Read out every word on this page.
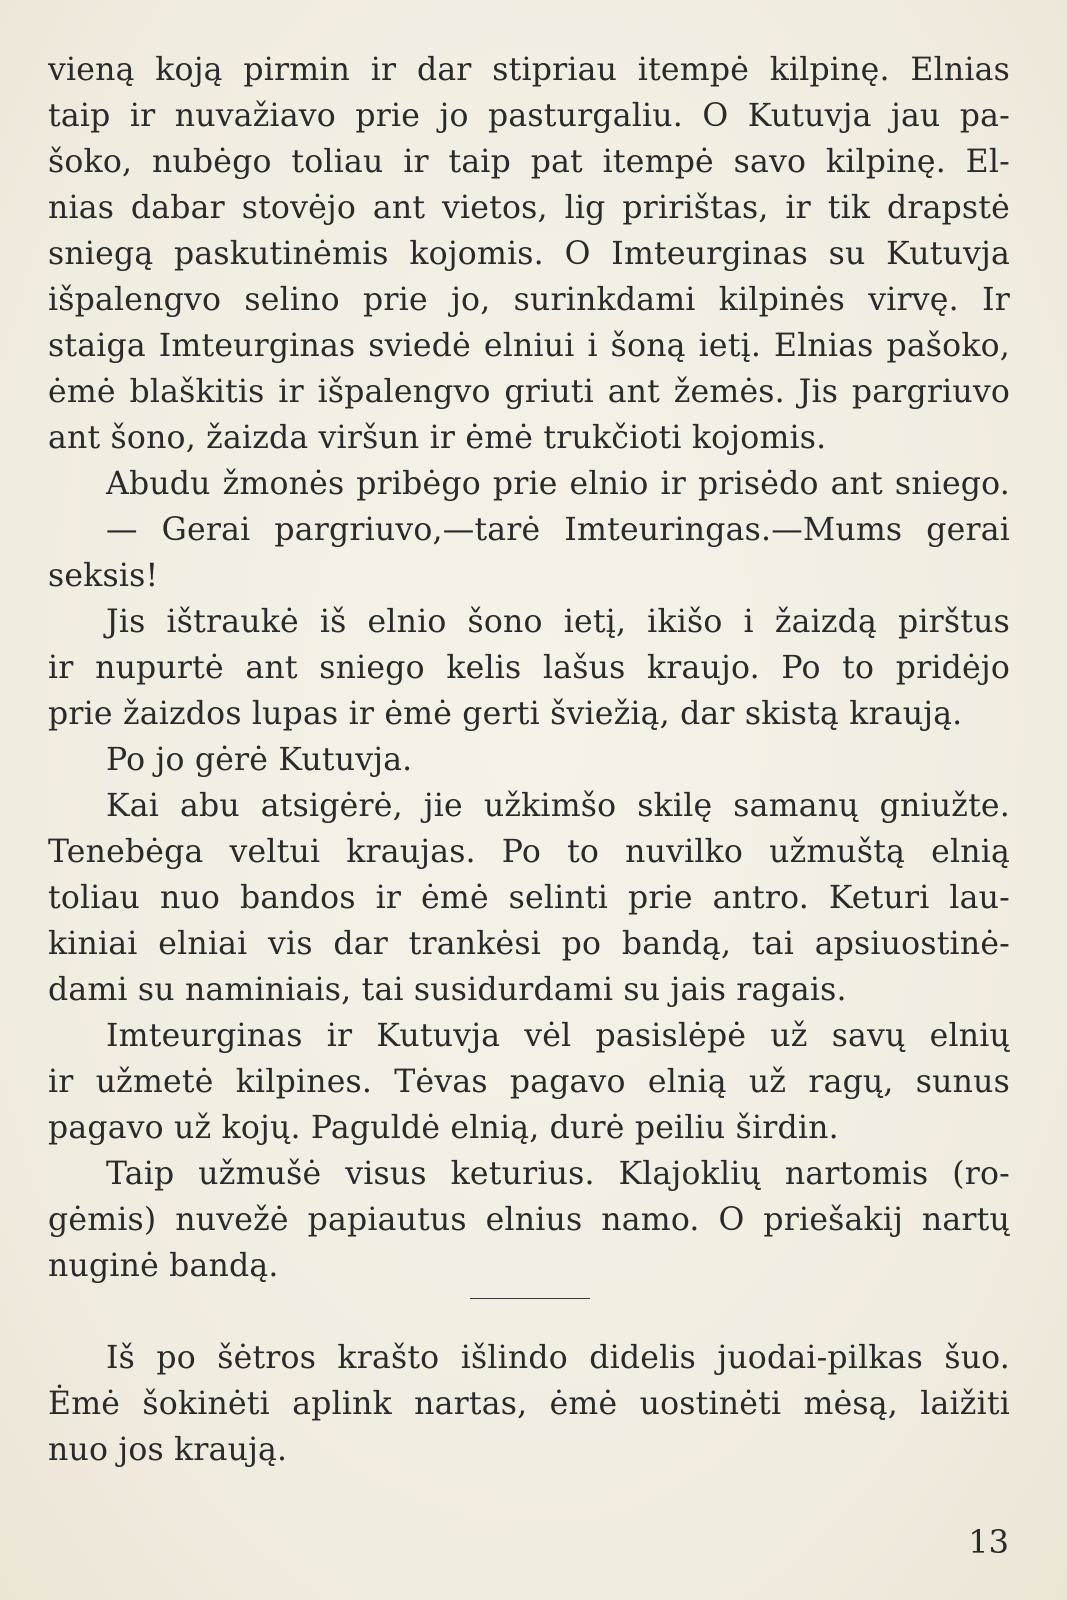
vieną koją pirmin ir dar stipriau itempė kilpinę. Elnias
taip ir nuvažiavo prie jo pasturgaliu. O Kutuvja jau pa-
šoko, nubėgo toliau ir taip pat itempė savo kilpinę. El-
nias dabar stovėjo ant vietos, lig pririštas, ir tik drapstė
sniegą paskutinėmis kojomis. O Imteurginas su Kutuvja
išpalengvo selino prie jo, surinkdami kilpinės virvę. Ir
staiga Imteurginas sviedė elniui i šoną ietį. Elnias pašoko,
ėmė blaškitis ir išpalengvo griuti ant žemės. Jis pargriuvo
ant šono, žaizda viršun ir ėmė trukčioti kojomis.
Abudu žmonės pribėgo prie elnio ir prisėdo ant sniego.
— Gerai pargriuvo,—tarė Imteuringas.—Mums gerai
seksis!
Jis ištraukė iš elnio šono ietį, ikišo i žaizdą pirštus
ir nupurtė ant sniego kelis lašus kraujo. Po to pridėjo
prie žaizdos lupas ir ėmė gerti šviežią, dar skistą kraują.
Po jo gėrė Kutuvja.
Kai abu atsigėrė, jie užkimšo skilę samanų gniužte.
Tenebėga veltui kraujas. Po to nuvilko užmuštą elnią
toliau nuo bandos ir ėmė selinti prie antro. Keturi lau-
kiniai elniai vis dar trankėsi po bandą, tai apsiuostinė-
dami su naminiais, tai susidurdami su jais ragais.
Imteurginas ir Kutuvja vėl pasislėpė už savų elnių
ir užmetė kilpines. Tėvas pagavo elnią už ragų, sunus
pagavo už kojų. Paguldė elnią, durė peiliu širdin.
Taip užmušė visus keturius. Klajoklių nartomis (ro-
gėmis) nuvežė papiautus elnius namo. O priešakij nartų
nuginė bandą.
Iš po šėtros krašto išlindo didelis juodai-pilkas šuo.
Ėmė šokinėti aplink nartas, ėmė uostinėti mėsą, laižiti
nuo jos kraują.
13
